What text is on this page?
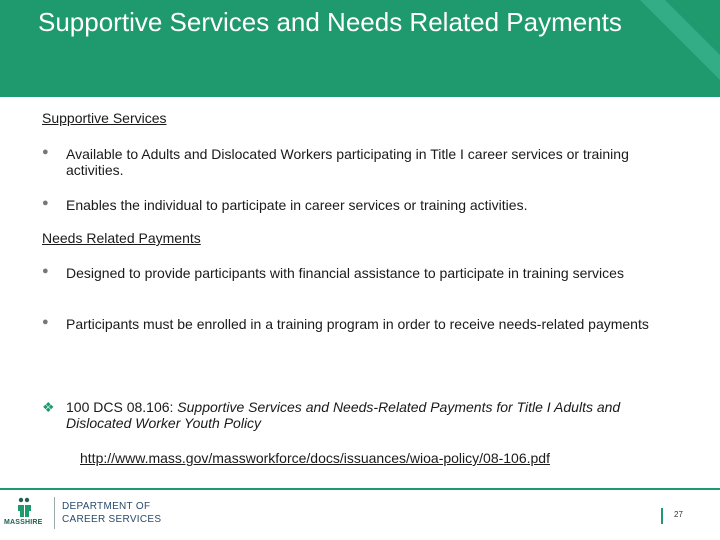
Supportive Services and Needs Related Payments
Supportive Services
● Available to Adults and Dislocated Workers participating in Title I career services or training activities.
● Enables the individual to participate in career services or training activities.
Needs Related Payments
● Designed to provide participants with financial assistance to participate in training services
● Participants must be enrolled in a training program in order to receive needs-related payments
❖ 100 DCS 08.106: Supportive Services and Needs-Related Payments for Title I Adults and Dislocated Worker Youth Policy
http://www.mass.gov/massworkforce/docs/issuances/wioa-policy/08-106.pdf
MASSHIRE
DEPARTMENT OF
CAREER SERVICES	27
